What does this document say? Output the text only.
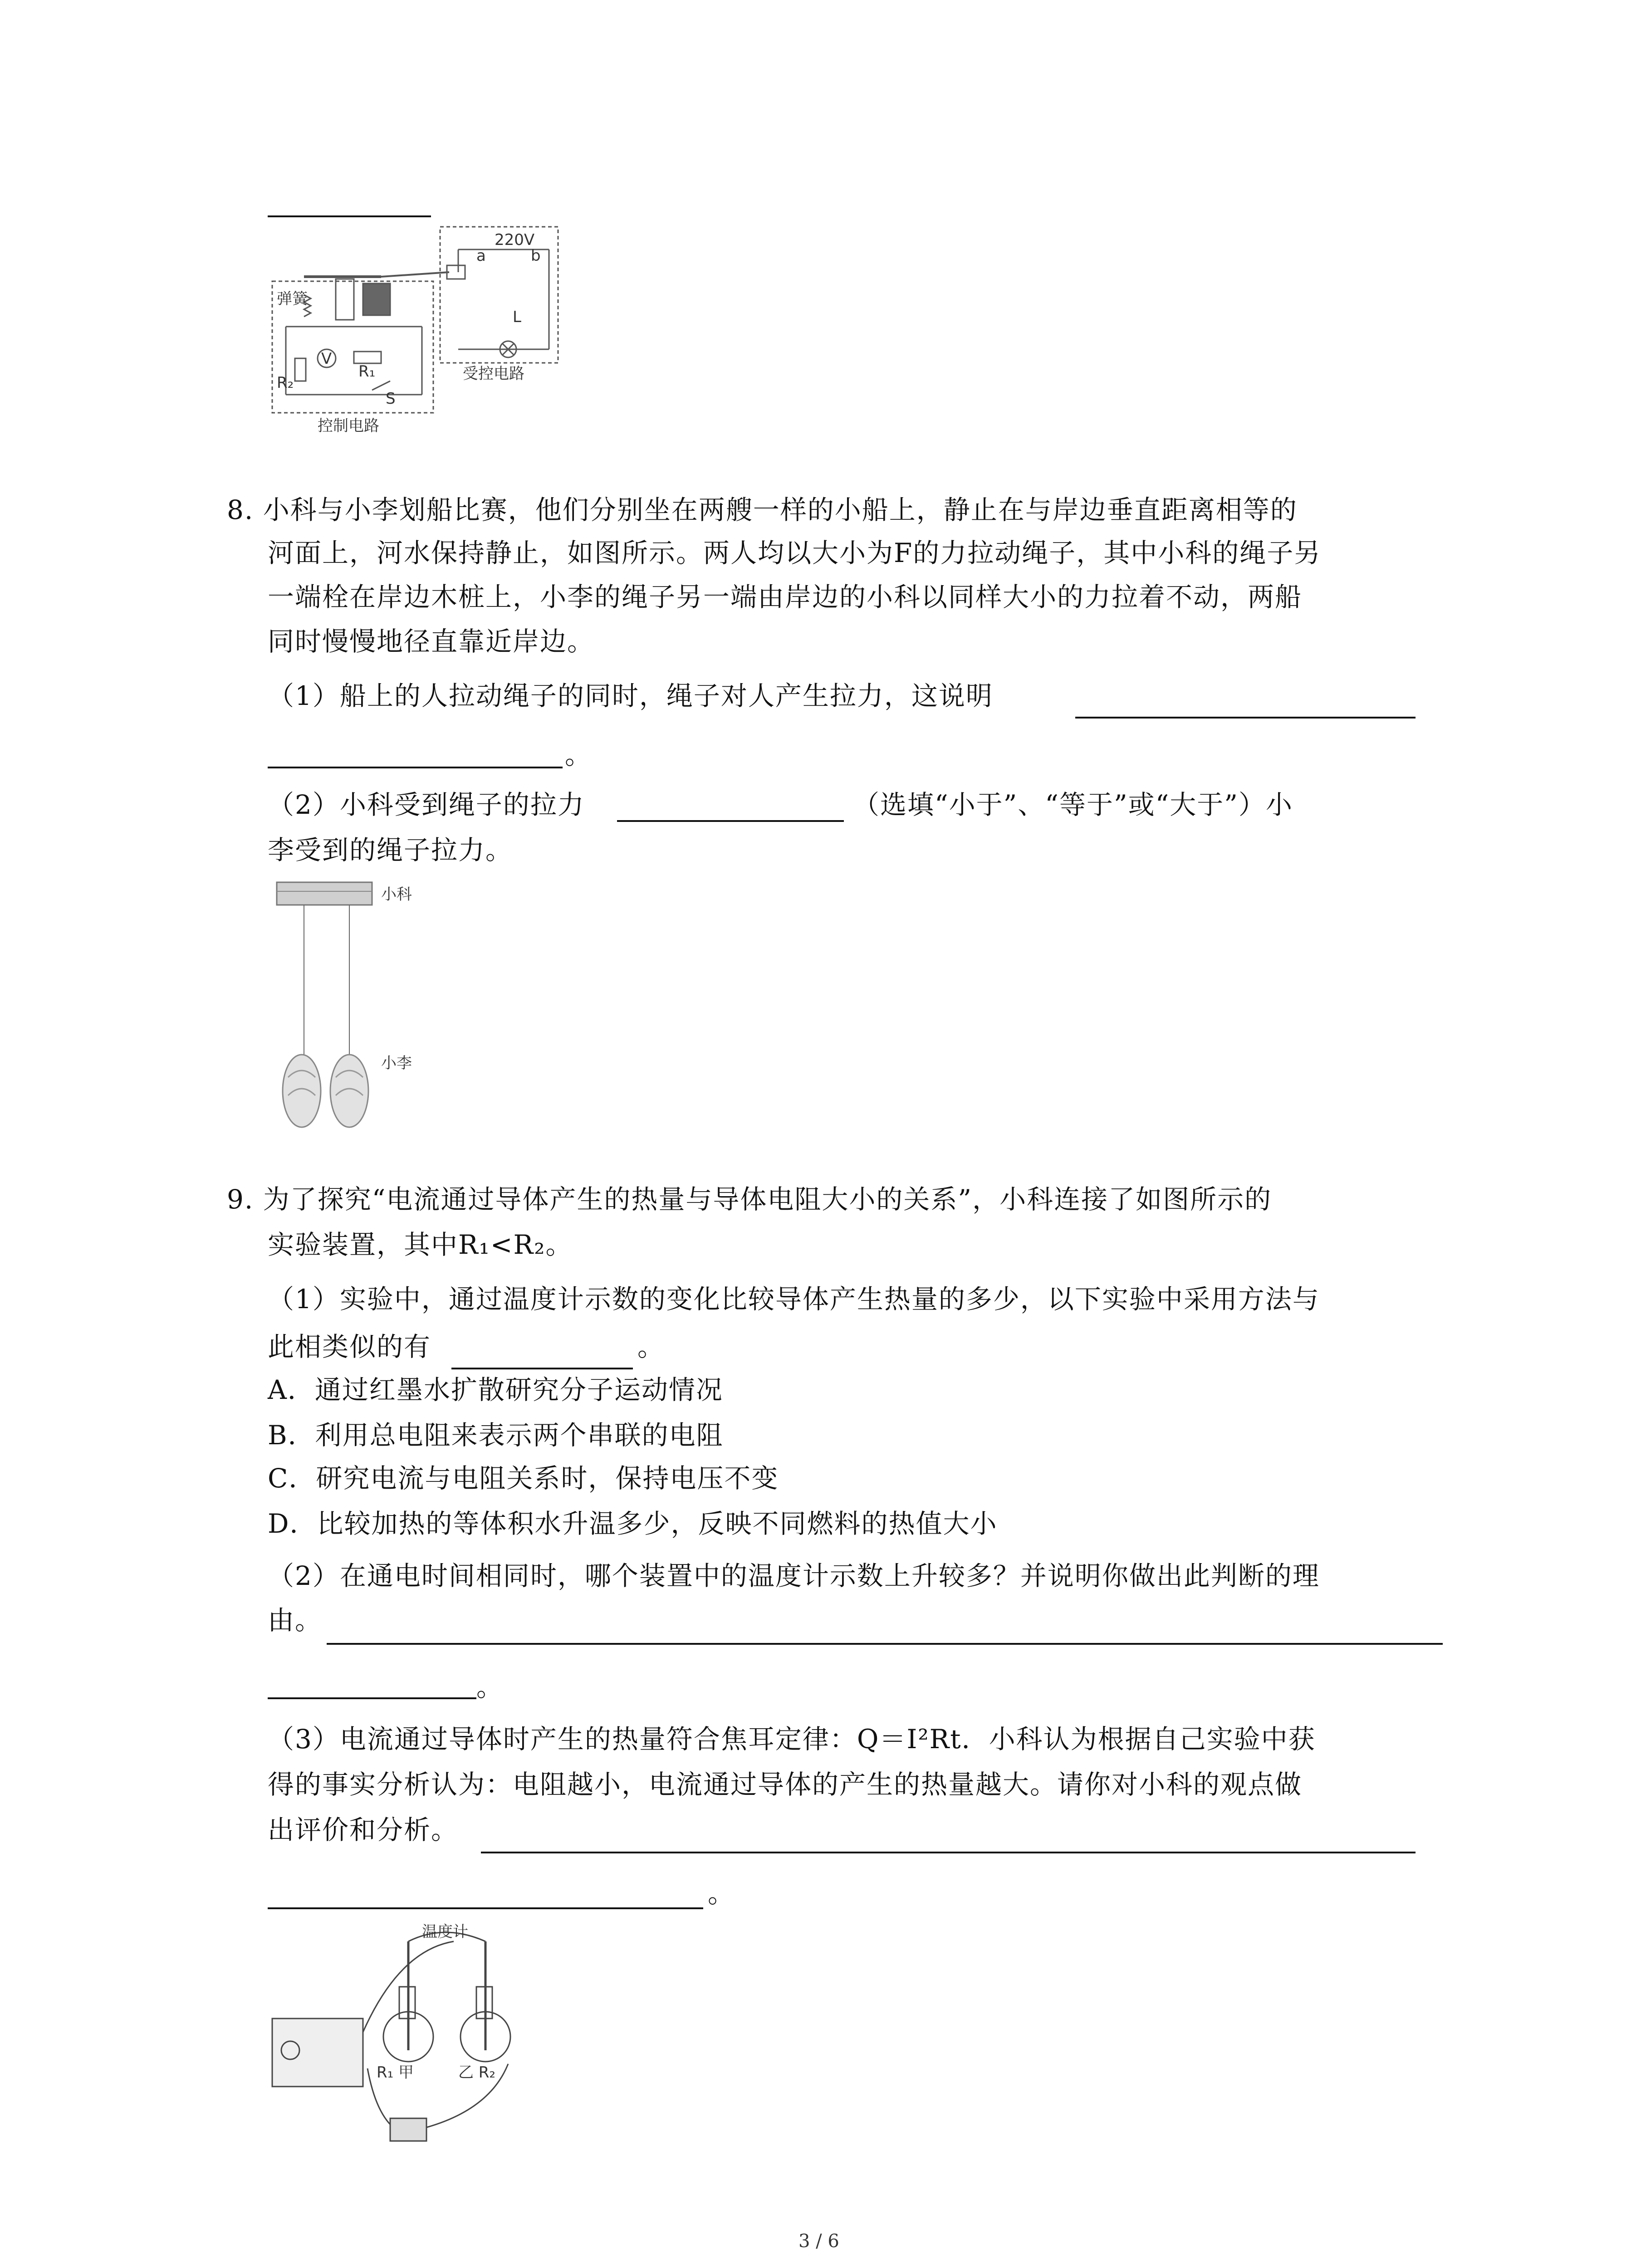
220V
a	b
L
弹簧
V
R₁
R₂
S
受控电路
控制电路
8. 小科与小李划船比赛，他们分别坐在两艘一样的小船上，静止在与岸边垂直距离相等的
河面上，河水保持静止，如图所示。两人均以大小为F的力拉动绳子，其中小科的绳子另
一端栓在岸边木桩上，小李的绳子另一端由岸边的小科以同样大小的力拉着不动，两船
同时慢慢地径直靠近岸边。
（1）船上的人拉动绳子的同时，绳子对人产生拉力，这说明
。
（2）小科受到绳子的拉力	（选填“小于”、“等于”或“大于”）小
李受到的绳子拉力。
小科
小李
9. 为了探究“电流通过导体产生的热量与导体电阻大小的关系”，小科连接了如图所示的
实验装置，其中R₁<R₂。
（1）实验中，通过温度计示数的变化比较导体产生热量的多少，以下实验中采用方法与
此相类似的有	。
A．通过红墨水扩散研究分子运动情况
B．利用总电阻来表示两个串联的电阻
C．研究电流与电阻关系时，保持电压不变
D．比较加热的等体积水升温多少，反映不同燃料的热值大小
（2）在通电时间相同时，哪个装置中的温度计示数上升较多？并说明你做出此判断的理
由。
。
（3）电流通过导体时产生的热量符合焦耳定律：Q＝I²Rt．小科认为根据自己实验中获
得的事实分析认为：电阻越小，电流通过导体的产生的热量越大。请你对小科的观点做
出评价和分析。
。
温度计
R₁ 甲	乙 R₂
3 / 6
